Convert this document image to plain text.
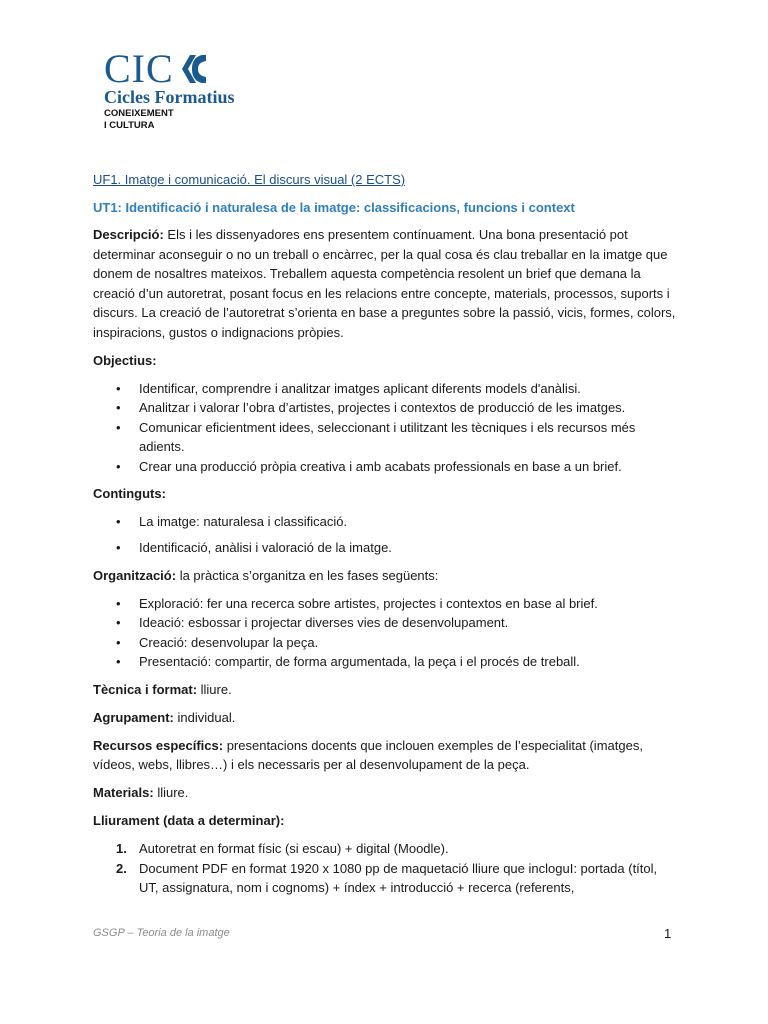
CIC
Cicles Formatius
CONEIXEMENT
I CULTURA

UF1. Imatge i comunicació. El discurs visual (2 ECTS)

UT1: Identificació i naturalesa de la imatge: classificacions, funcions i context

Descripció: Els i les dissenyadores ens presentem contínuament. Una bona presentació pot determinar aconseguir o no un treball o encàrrec, per la qual cosa és clau treballar en la imatge que donem de nosaltres mateixos. Treballem aquesta competència resolent un brief que demana la creació d’un autoretrat, posant focus en les relacions entre concepte, materials, processos, suports i discurs. La creació de l’autoretrat s’orienta en base a preguntes sobre la passió, vicis, formes, colors, inspiracions, gustos o indignacions pròpies.

Objectius:

• Identificar, comprendre i analitzar imatges aplicant diferents models d'anàlisi.
• Analitzar i valorar l’obra d’artistes, projectes i contextos de producció de les imatges.
• Comunicar eficientment idees, seleccionant i utilitzant les tècniques i els recursos més adients.
• Crear una producció pròpia creativa i amb acabats professionals en base a un brief.

Continguts:

• La imatge: naturalesa i classificació.
• Identificació, anàlisi i valoració de la imatge.

Organització: la pràctica s’organitza en les fases següents:

• Exploració: fer una recerca sobre artistes, projectes i contextos en base al brief.
• Ideació: esbossar i projectar diverses vies de desenvolupament.
• Creació: desenvolupar la peça.
• Presentació: compartir, de forma argumentada, la peça i el procés de treball.

Tècnica i format: lliure.

Agrupament: individual.

Recursos específics: presentacions docents que inclouen exemples de l’especialitat (imatges, vídeos, webs, llibres…) i els necessaris per al desenvolupament de la peça.

Materials: lliure.

Lliurament (data a determinar):

1. Autoretrat en format físic (si escau) + digital (Moodle).
2. Document PDF en format 1920 x 1080 pp de maquetació lliure que incloguI: portada (títol, UT, assignatura, nom i cognoms) + índex + introducció + recerca (referents,
GSGP – Teoria de la imatge	1
